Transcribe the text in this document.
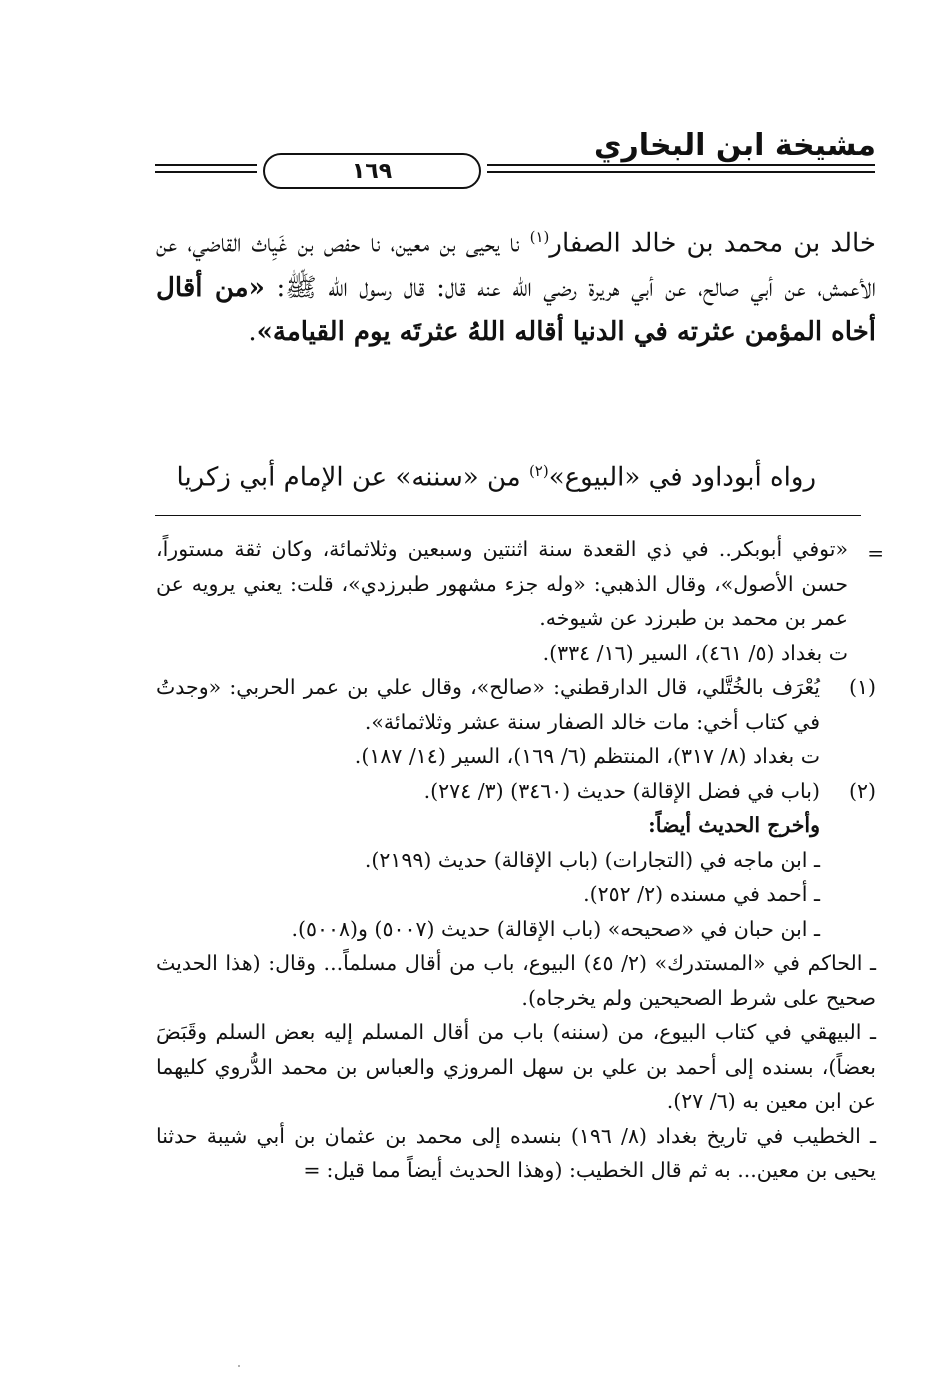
مشيخة ابن البخاري
١٦٩
خالد بن محمد بن خالد الصفار$^{(١)}$ نا يحيى بن معين، نا حفص بن غَيِاث القاضي، عن الأعمش، عن أبي صالح، عن أبي هريرة رضي الله عنه قال: قال رسول الله ﷺ: «من أقال أخاه المؤمن عثرته في الدنيا أقاله اللهُ عثرتَه يوم القيامة».
رواه أبوداود في «البيوع»$^{(٢)}$ من «سننه» عن الإمام أبي زكريا
=
«توفي أبوبكر.. في ذي القعدة سنة اثنتين وسبعين وثلاثمائة، وكان ثقة مستوراً، حسن الأصول»، وقال الذهبي: «وله جزء مشهور طبرزدي»، قلت: يعني يرويه عن عمر بن محمد بن طبرزد عن شيوخه.
ت بغداد (٥/ ٤٦١)، السير (١٦/ ٣٣٤).
(١)
يُعْرَف بالخُتَّلي، قال الدارقطني: «صالح»، وقال علي بن عمر الحربي: «وجدتُ في كتاب أخي: مات خالد الصفار سنة عشر وثلاثمائة».
ت بغداد (٨/ ٣١٧)، المنتظم (٦/ ١٦٩)، السير (١٤/ ١٨٧).
(٢)
(باب في فضل الإقالة) حديث (٣٤٦٠) (٣/ ٢٧٤).
وأخرج الحديث أيضاً:
ـ ابن ماجه في (التجارات) (باب الإقالة) حديث (٢١٩٩).
ـ أحمد في مسنده (٢/ ٢٥٢).
ـ ابن حبان في «صحيحه» (باب الإقالة) حديث (٥٠٠٧) و(٥٠٠٨).
ـ الحاكم في «المستدرك» (٢/ ٤٥) البيوع، باب من أقال مسلماً... وقال: (هذا الحديث صحيح على شرط الصحيحين ولم يخرجاه).
ـ البيهقي في كتاب البيوع، من (سننه) باب من أقال المسلم إليه بعض السلم وقَبَضَ بعضاً)، بسنده إلى أحمد بن علي بن سهل المروزي والعباس بن محمد الدُّروي كليهما عن ابن معين به (٦/ ٢٧).
ـ الخطيب في تاريخ بغداد (٨/ ١٩٦) بنسده إلى محمد بن عثمان بن أبي شيبة حدثنا يحيى بن معين... به ثم قال الخطيب: (وهذا الحديث أيضاً مما قيل:=
